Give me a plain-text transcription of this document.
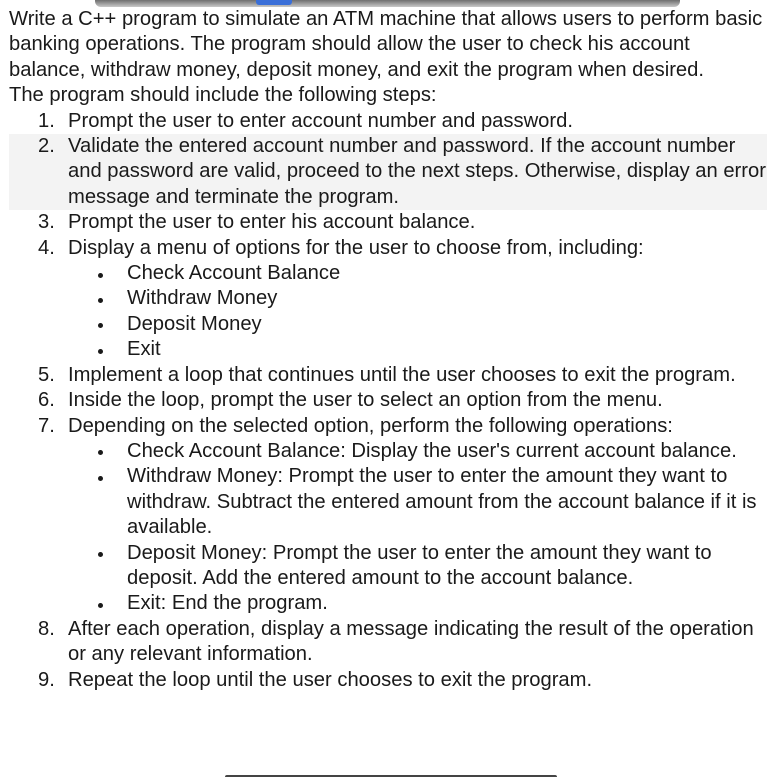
Write a C++ program to simulate an ATM machine that allows users to perform basic banking operations. The program should allow the user to check his account balance, withdraw money, deposit money, and exit the program when desired.

The program should include the following steps:

1. Prompt the user to enter account number and password.
2. Validate the entered account number and password. If the account number and password are valid, proceed to the next steps. Otherwise, display an error message and terminate the program.
3. Prompt the user to enter his account balance.
4. Display a menu of options for the user to choose from, including:
Check Account Balance
Withdraw Money
Deposit Money
Exit
5. Implement a loop that continues until the user chooses to exit the program.
6. Inside the loop, prompt the user to select an option from the menu.
7. Depending on the selected option, perform the following operations:
Check Account Balance: Display the user's current account balance.
Withdraw Money: Prompt the user to enter the amount they want to withdraw. Subtract the entered amount from the account balance if it is available.
Deposit Money: Prompt the user to enter the amount they want to deposit. Add the entered amount to the account balance.
Exit: End the program.
8. After each operation, display a message indicating the result of the operation or any relevant information.
9. Repeat the loop until the user chooses to exit the program.
